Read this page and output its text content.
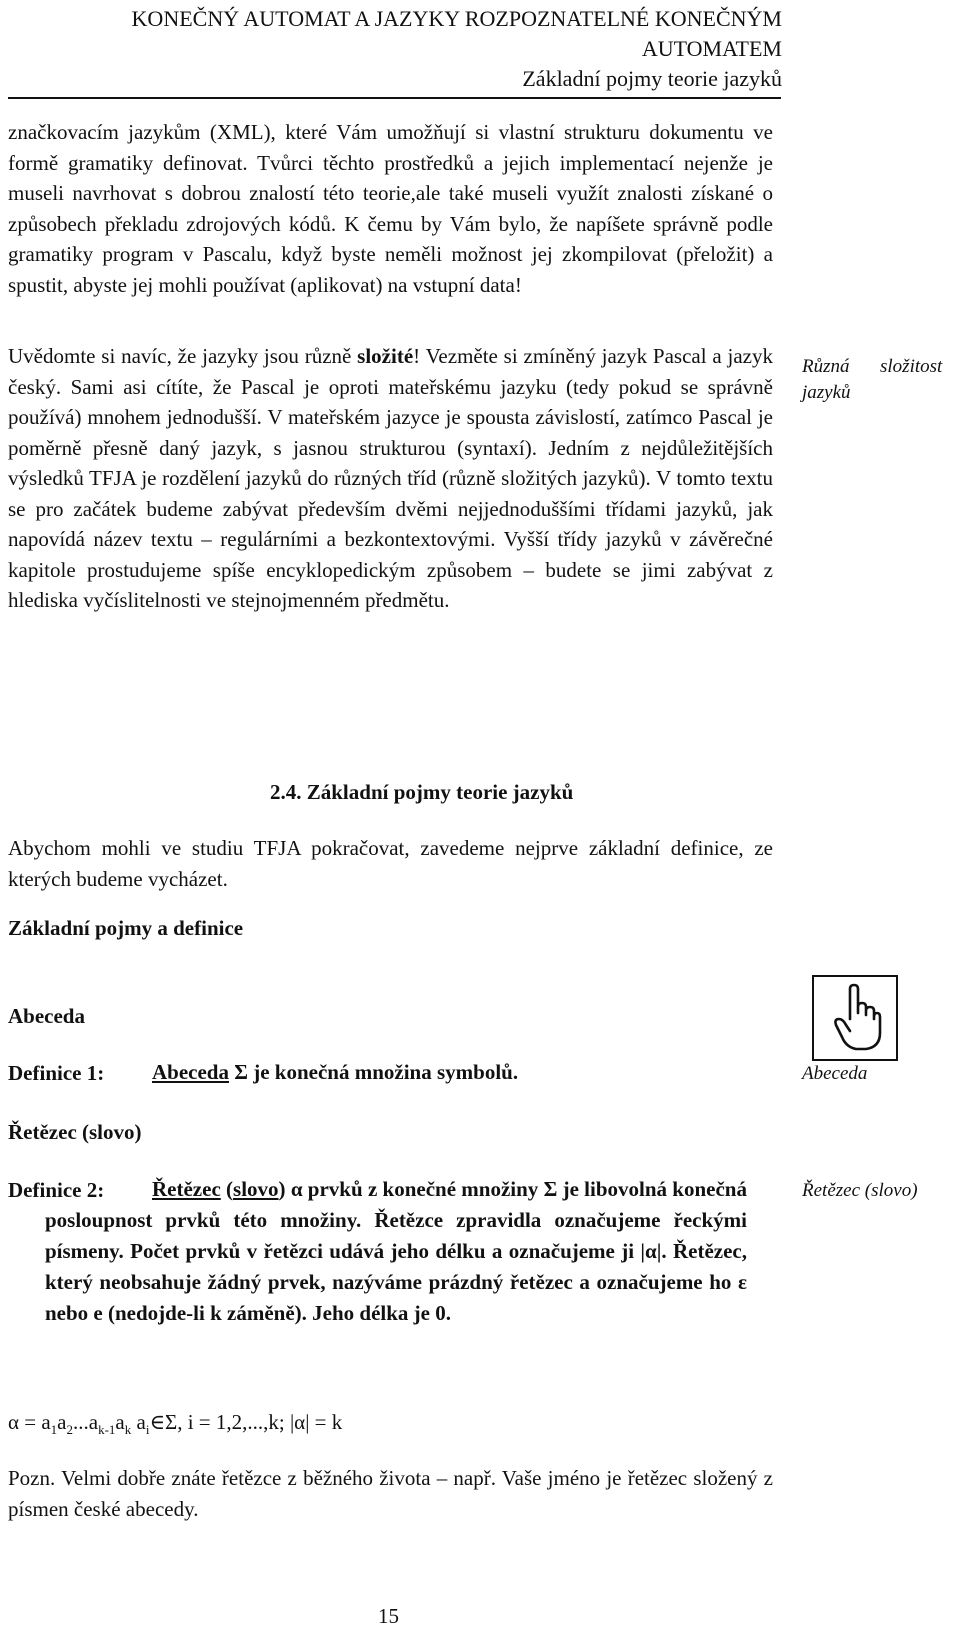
KONEČNÝ AUTOMAT A JAZYKY ROZPOZNATELNÉ KONEČNÝM
AUTOMATEM
Základní pojmy teorie jazyků

značkovacím jazykům (XML), které Vám umožňují si vlastní strukturu dokumentu ve formě gramatiky definovat. Tvůrci těchto prostředků a jejich implementací nejenže je museli navrhovat s dobrou znalostí této teorie,ale také museli využít znalosti získané o způsobech překladu zdrojových kódů. K čemu by Vám bylo, že napíšete správně podle gramatiky program v Pascalu, když byste neměli možnost jej zkompilovat (přeložit) a spustit, abyste jej mohli používat (aplikovat) na vstupní data!

Uvědomte si navíc, že jazyky jsou různě složité! Vezměte si zmíněný jazyk Pascal a jazyk český. Sami asi cítíte, že Pascal je oproti mateřskému jazyku (tedy pokud se správně používá) mnohem jednodušší. V mateřském jazyce je spousta závislostí, zatímco Pascal je poměrně přesně daný jazyk, s jasnou strukturou (syntaxí). Jedním z nejdůležitějších výsledků TFJA je rozdělení jazyků do různých tříd (různě složitých jazyků). V tomto textu se pro začátek budeme zabývat především dvěmi nejjednoduššími třídami jazyků, jak napovídá název textu – regulárními a bezkontextovými. Vyšší třídy jazyků v závěrečné kapitole prostudujeme spíše encyklopedickým způsobem – budete se jimi zabývat z hlediska vyčíslitelnosti ve stejnojmenném předmětu.

Různá složitost

jazyků
2.4. Základní pojmy teorie jazyků

Abychom mohli ve studiu TFJA pokračovat, zavedeme nejprve základní definice, ze kterých budeme vycházet.

Základní pojmy a definice
Abeceda
Definice 1: Abeceda Σ je konečná množina symbolů.	Abeceda
Řetězec (slovo)
Definice 2:	Řetězec (slovo) α prvků z konečné množiny Σ je libovolná konečná posloupnost prvků této množiny. Řetězce zpravidla označujeme řeckými písmeny. Počet prvků v řetězci udává jeho délku a označujeme ji |α|. Řetězec, který neobsahuje žádný prvek, nazýváme prázdný řetězec a označujeme ho ε nebo e (nedojde-li k záměně). Jeho délka je 0.
Řetězec (slovo)
$\alpha = a_1a_2...a_{k-1}a_k$ $a_i\in\Sigma$, i = 1,2,...,k; |α| = k

Pozn. Velmi dobře znáte řetězce z běžného života – např. Vaše jméno je řetězec složený z písmen české abecedy.

15
